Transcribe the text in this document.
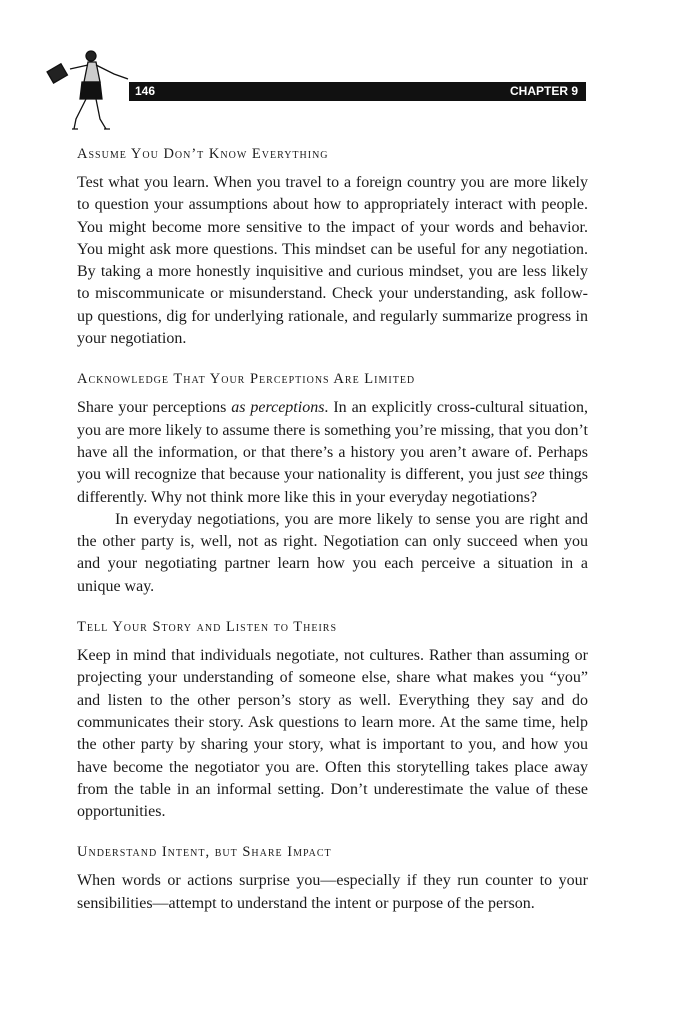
146	CHAPTER 9
Assume You Don’t Know Everything

Test what you learn. When you travel to a foreign country you are more likely to question your assumptions about how to appropriately interact with people. You might become more sensitive to the impact of your words and behavior. You might ask more questions. This mindset can be useful for any negotiation. By taking a more honestly inquisitive and curious mindset, you are less likely to miscommunicate or misunderstand. Check your understanding, ask follow-up questions, dig for underlying rationale, and regularly summarize progress in your negotiation.

Acknowledge That Your Perceptions Are Limited

Share your perceptions as perceptions. In an explicitly cross-cultural situation, you are more likely to assume there is something you’re missing, that you don’t have all the information, or that there’s a history you aren’t aware of. Perhaps you will recognize that because your nationality is different, you just see things differently. Why not think more like this in your everyday negotiations?

In everyday negotiations, you are more likely to sense you are right and the other party is, well, not as right. Negotiation can only succeed when you and your negotiating partner learn how you each perceive a situation in a unique way.

Tell Your Story and Listen to Theirs

Keep in mind that individuals negotiate, not cultures. Rather than assuming or projecting your understanding of someone else, share what makes you “you” and listen to the other person’s story as well. Everything they say and do communicates their story. Ask questions to learn more. At the same time, help the other party by sharing your story, what is important to you, and how you have become the negotiator you are. Often this storytelling takes place away from the table in an informal setting. Don’t underestimate the value of these opportunities.

Understand Intent, but Share Impact

When words or actions surprise you—especially if they run counter to your sensibilities—attempt to understand the intent or purpose of the person.
